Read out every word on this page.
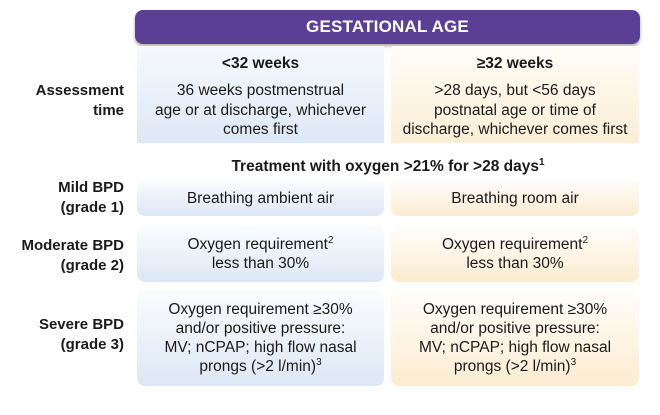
GESTATIONAL AGE
<32 weeks	≥32 weeks
36 weeks postmenstrual
age or at discharge, whichever
comes first
>28 days, but <56 days
postnatal age or time of
discharge, whichever comes first
Assessment
time
Treatment with oxygen >21% for >28 days$^1$
Mild BPD
(grade 1)
Breathing ambient air	Breathing room air
Moderate BPD
(grade 2)
Oxygen requirement$^2$
less than 30%
Oxygen requirement$^2$
less than 30%
Severe BPD
(grade 3)
Oxygen requirement ≥30%
and/or positive pressure:
MV; nCPAP; high flow nasal
prongs (>2 l/min)$^3$
Oxygen requirement ≥30%
and/or positive pressure:
MV; nCPAP; high flow nasal
prongs (>2 l/min)$^3$
